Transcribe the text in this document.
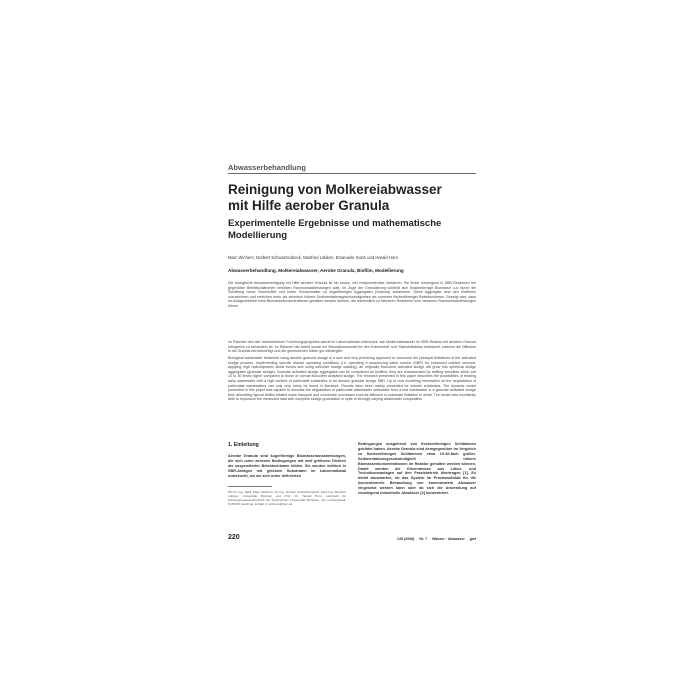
Abwasserbehandlung
Reinigung von Molkereiabwasser
mit Hilfe aerober Granula
Experimentelle Ergebnisse und mathematische
Modellierung
Marc Wichern, Norbert Schwarzenbeck, Manfred Lübken, Emanuele Sozzi und Harald Horn
Abwasserbehandlung, Molkereiabwasser, Aerobe Granula, Biofilm, Modellierung

Die biologische Abwasserreinigung mit Hilfe aerober Granula ist ein neues, viel versprechendes Verfahren. Sie findet vorwiegend in SBR-Reaktoren bei gegenüber Belebtschlämmen erhöhten Raumumsatzleistungen statt. Im Zuge der Granulierung schließt sich flockenförmige Biomasse u.a. durch die Schaffung hoher Scherkräfte und hoher Schlammalter zu kugelförmigen Aggregaten (Granula) zusammen. Diese Aggregate sind den Biofilmen zuzurechnen und erreichen mehr als zehnfach höhere Sedimentationsgeschwindigkeiten als normaler flockenförmiger Belebtschlamm. Gezeigt wird, dass im Anlagenbetrieb hohe Biomassekonzentrationen gehalten werden können, die letztendlich zu kleineren Reaktoren bzw. besseren Raumumsatzleistungen führen.

Im Rahmen des hier beschriebenen Forschungsprojektes wurde im Labormaßstab untersucht, wie Molkereiabwasser im SBR-Reaktor mit aeroben Granula erfolgreich zu behandeln ist. Im Rahmen der Arbeit wurde ein Simulationsmodell für den Kohlenstoff- und Stickstoffabbau entwickelt, welches die Diffusion in die Granula berücksichtigt und die gemessenen Daten gut wiedergibt.

Biological wastewater treatment using aerobic granular sludge is a new and very promising approach to overcome the principal limitations of the activated sludge process. Implementing specific reactor operating conditions (i.e. operating a sequencing batch reactor (SBR) for enhanced nutrient removal, applying high hydrodynamic shear forces and using selective sludge wasting), an originally flocculent activated sludge will grow into spherical sludge aggregates (granular sludge). Granular activated sludge aggregates can be considered as biofilms; they are characterized by settling velocities which are 10 to 30 times higher compared to those of normal flocculent activated sludge. The research presented in this paper describes the possibilities of treating dairy wastewater with a high content of particulate substrates in an aerobic granular sludge SBR. Up to now modelling information on the degradation of particulate wastewaters can only very rarely be found in literature. Results have been mainly presented for soluble substrates. The dynamic model presented in this paper was capable to simulate the degradation of particulate wastewater substrates from a real wastewater in a granular activated sludge bed, describing typical biofilm related mass transport and conversion processes such as diffusion or substrate limitation in detail. The model was excellently able to reproduce the measured data with complete sludge granulation in spite of strongly varying wastewater composition.

1. Einleitung

Aerobe Granula sind kugelförmige Biomassenansammlungen, die sich unter aeroben Bedingungen mit weit größeren Dichten als suspendierter Belebtschlamm bilden. Sie werden vielfach in SBR-Anlagen mit gelösten Substraten im Labormaßstab untersucht, wo sie sich unter definierten

PD Dr.-Ing. habil. Marc Wichern, Dr.-Ing. Norbert Schwarzenbeck, Dipl.-Ing. Manfred Lübken, Universität Bochum und Prof. Dr. Harald Horn, Lehrstuhl für Siedlungswasserwirtschaft der Technischen Universität München, Am Coulombwall, D-85748 Garching, E-Mail: m.wichern@tum.de

Bedingungen ausgehend von flockenförmigen Schlämmen gebildet haben. Aerobe Granula sind demgegenüber im Vergleich zu flockenförmigen Schlämmen etwa 10-40-fach größer. Sedimentationsgeschwindigkeit höhere Biomassenkonzentrationen im Reaktor gehalten werden können. Damit werden die Erkenntnisse aus Labor- und Technikumsanlagen auf den Praxisbetrieb übertragen [1]. Es bleibt abzuwarten, ob das System im Praxismaßstab für die konventionelle Behandlung von kommunalem Abwasser eingesetzt werden kann oder ob sich die Anwendung auf vorwiegend industrielle Abwässer [2] konzentriert.

220	145 (2008) Nr. 7 Wasser · Abwasser gwf
